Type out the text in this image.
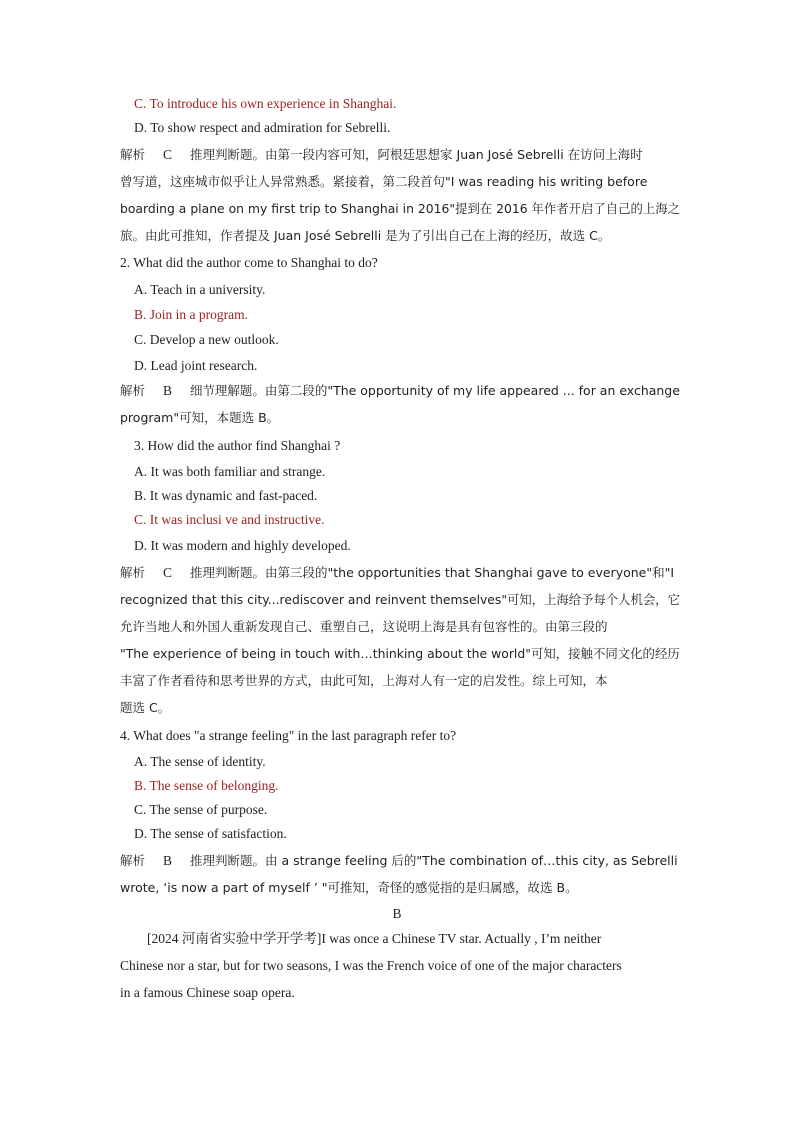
C. To introduce his own experience in Shanghai.
D. To show respect and admiration for Sebrelli.
解析 C 推理判断题。由第一段内容可知，阿根廷思想家 Juan José Sebrelli 在访问上海时
曾写道，这座城市似乎让人异常熟悉。紧接着，第二段首句"I was reading his writing before
boarding a plane on my first trip to Shanghai in 2016"提到在 2016 年作者开启了自己的上海之
旅。由此可推知，作者提及 Juan José Sebrelli 是为了引出自己在上海的经历，故选 C。
2. What did the author come to Shanghai to do?
A. Teach in a university.
B. Join in a program.
C. Develop a new outlook.
D. Lead joint research.
解析 B 细节理解题。由第二段的"The opportunity of my life appeared ... for an exchange
program"可知，本题选 B。
3. How did the author find Shanghai ?
A. It was both familiar and strange.
B. It was dynamic and fast-paced.
C. It was inclusi ve and instructive.
D. It was modern and highly developed.
解析 C 推理判断题。由第三段的"the opportunities that Shanghai gave to everyone"和"I
recognized that this city...rediscover and reinvent themselves"可知，上海给予每个人机会，它
允许当地人和外国人重新发现自己、重塑自己，这说明上海是具有包容性的。由第三段的
"The experience of being in touch with…thinking about the world"可知，接触不同文化的经历
丰富了作者看待和思考世界的方式，由此可知，上海对人有一定的启发性。综上可知，本
题选 C。
4. What does "a strange feeling" in the last paragraph refer to?
A. The sense of identity.
B. The sense of belonging.
C. The sense of purpose.
D. The sense of satisfaction.
解析 B 推理判断题。由 a strange feeling 后的"The combination of…this city, as Sebrelli
wrote, ‘is now a part of myself ’ "可推知，奇怪的感觉指的是归属感，故选 B。
B
[2024 河南省实验中学开学考]I was once a Chinese TV star. Actually , I’m neither
Chinese nor a star, but for two seasons, I was the French voice of one of the major characters
in a famous Chinese soap opera.
